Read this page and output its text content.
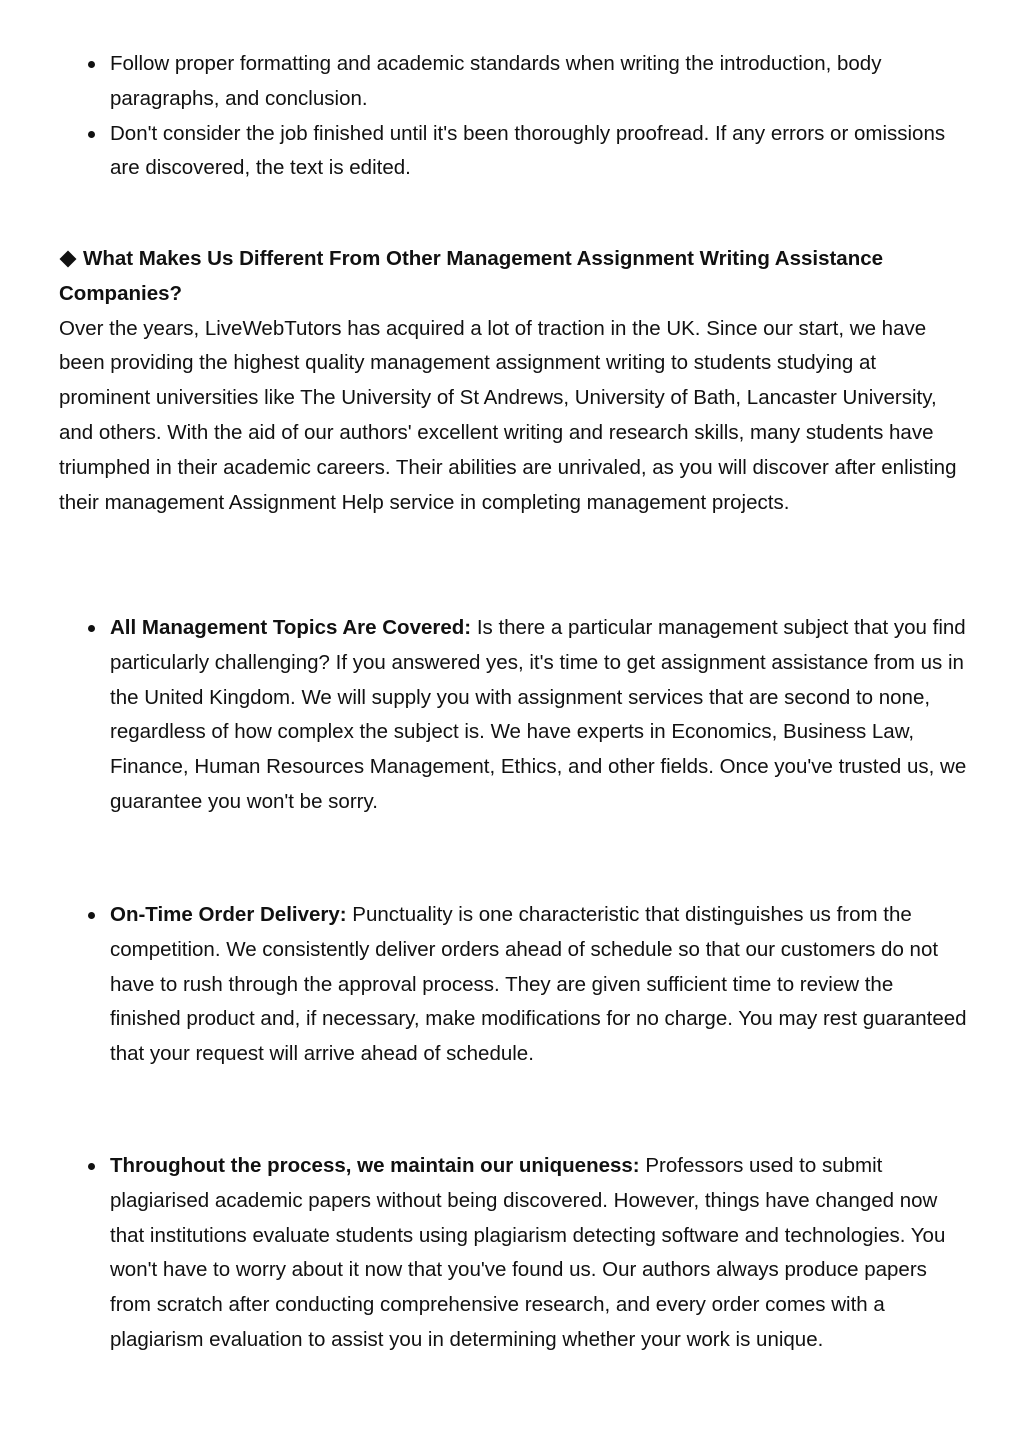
Follow proper formatting and academic standards when writing the introduction, body paragraphs, and conclusion.
Don't consider the job finished until it's been thoroughly proofread. If any errors or omissions are discovered, the text is edited.

What Makes Us Different From Other Management Assignment Writing Assistance Companies?

Over the years, LiveWebTutors has acquired a lot of traction in the UK. Since our start, we have been providing the highest quality management assignment writing to students studying at prominent universities like The University of St Andrews, University of Bath, Lancaster University, and others. With the aid of our authors' excellent writing and research skills, many students have triumphed in their academic careers. Their abilities are unrivaled, as you will discover after enlisting their management Assignment Help service in completing management projects.

All Management Topics Are Covered: Is there a particular management subject that you find particularly challenging? If you answered yes, it's time to get assignment assistance from us in the United Kingdom. We will supply you with assignment services that are second to none, regardless of how complex the subject is. We have experts in Economics, Business Law, Finance, Human Resources Management, Ethics, and other fields. Once you've trusted us, we guarantee you won't be sorry.
On-Time Order Delivery: Punctuality is one characteristic that distinguishes us from the competition. We consistently deliver orders ahead of schedule so that our customers do not have to rush through the approval process. They are given sufficient time to review the finished product and, if necessary, make modifications for no charge. You may rest guaranteed that your request will arrive ahead of schedule.
Throughout the process, we maintain our uniqueness: Professors used to submit plagiarised academic papers without being discovered. However, things have changed now that institutions evaluate students using plagiarism detecting software and technologies. You won't have to worry about it now that you've found us. Our authors always produce papers from scratch after conducting comprehensive research, and every order comes with a plagiarism evaluation to assist you in determining whether your work is unique.
